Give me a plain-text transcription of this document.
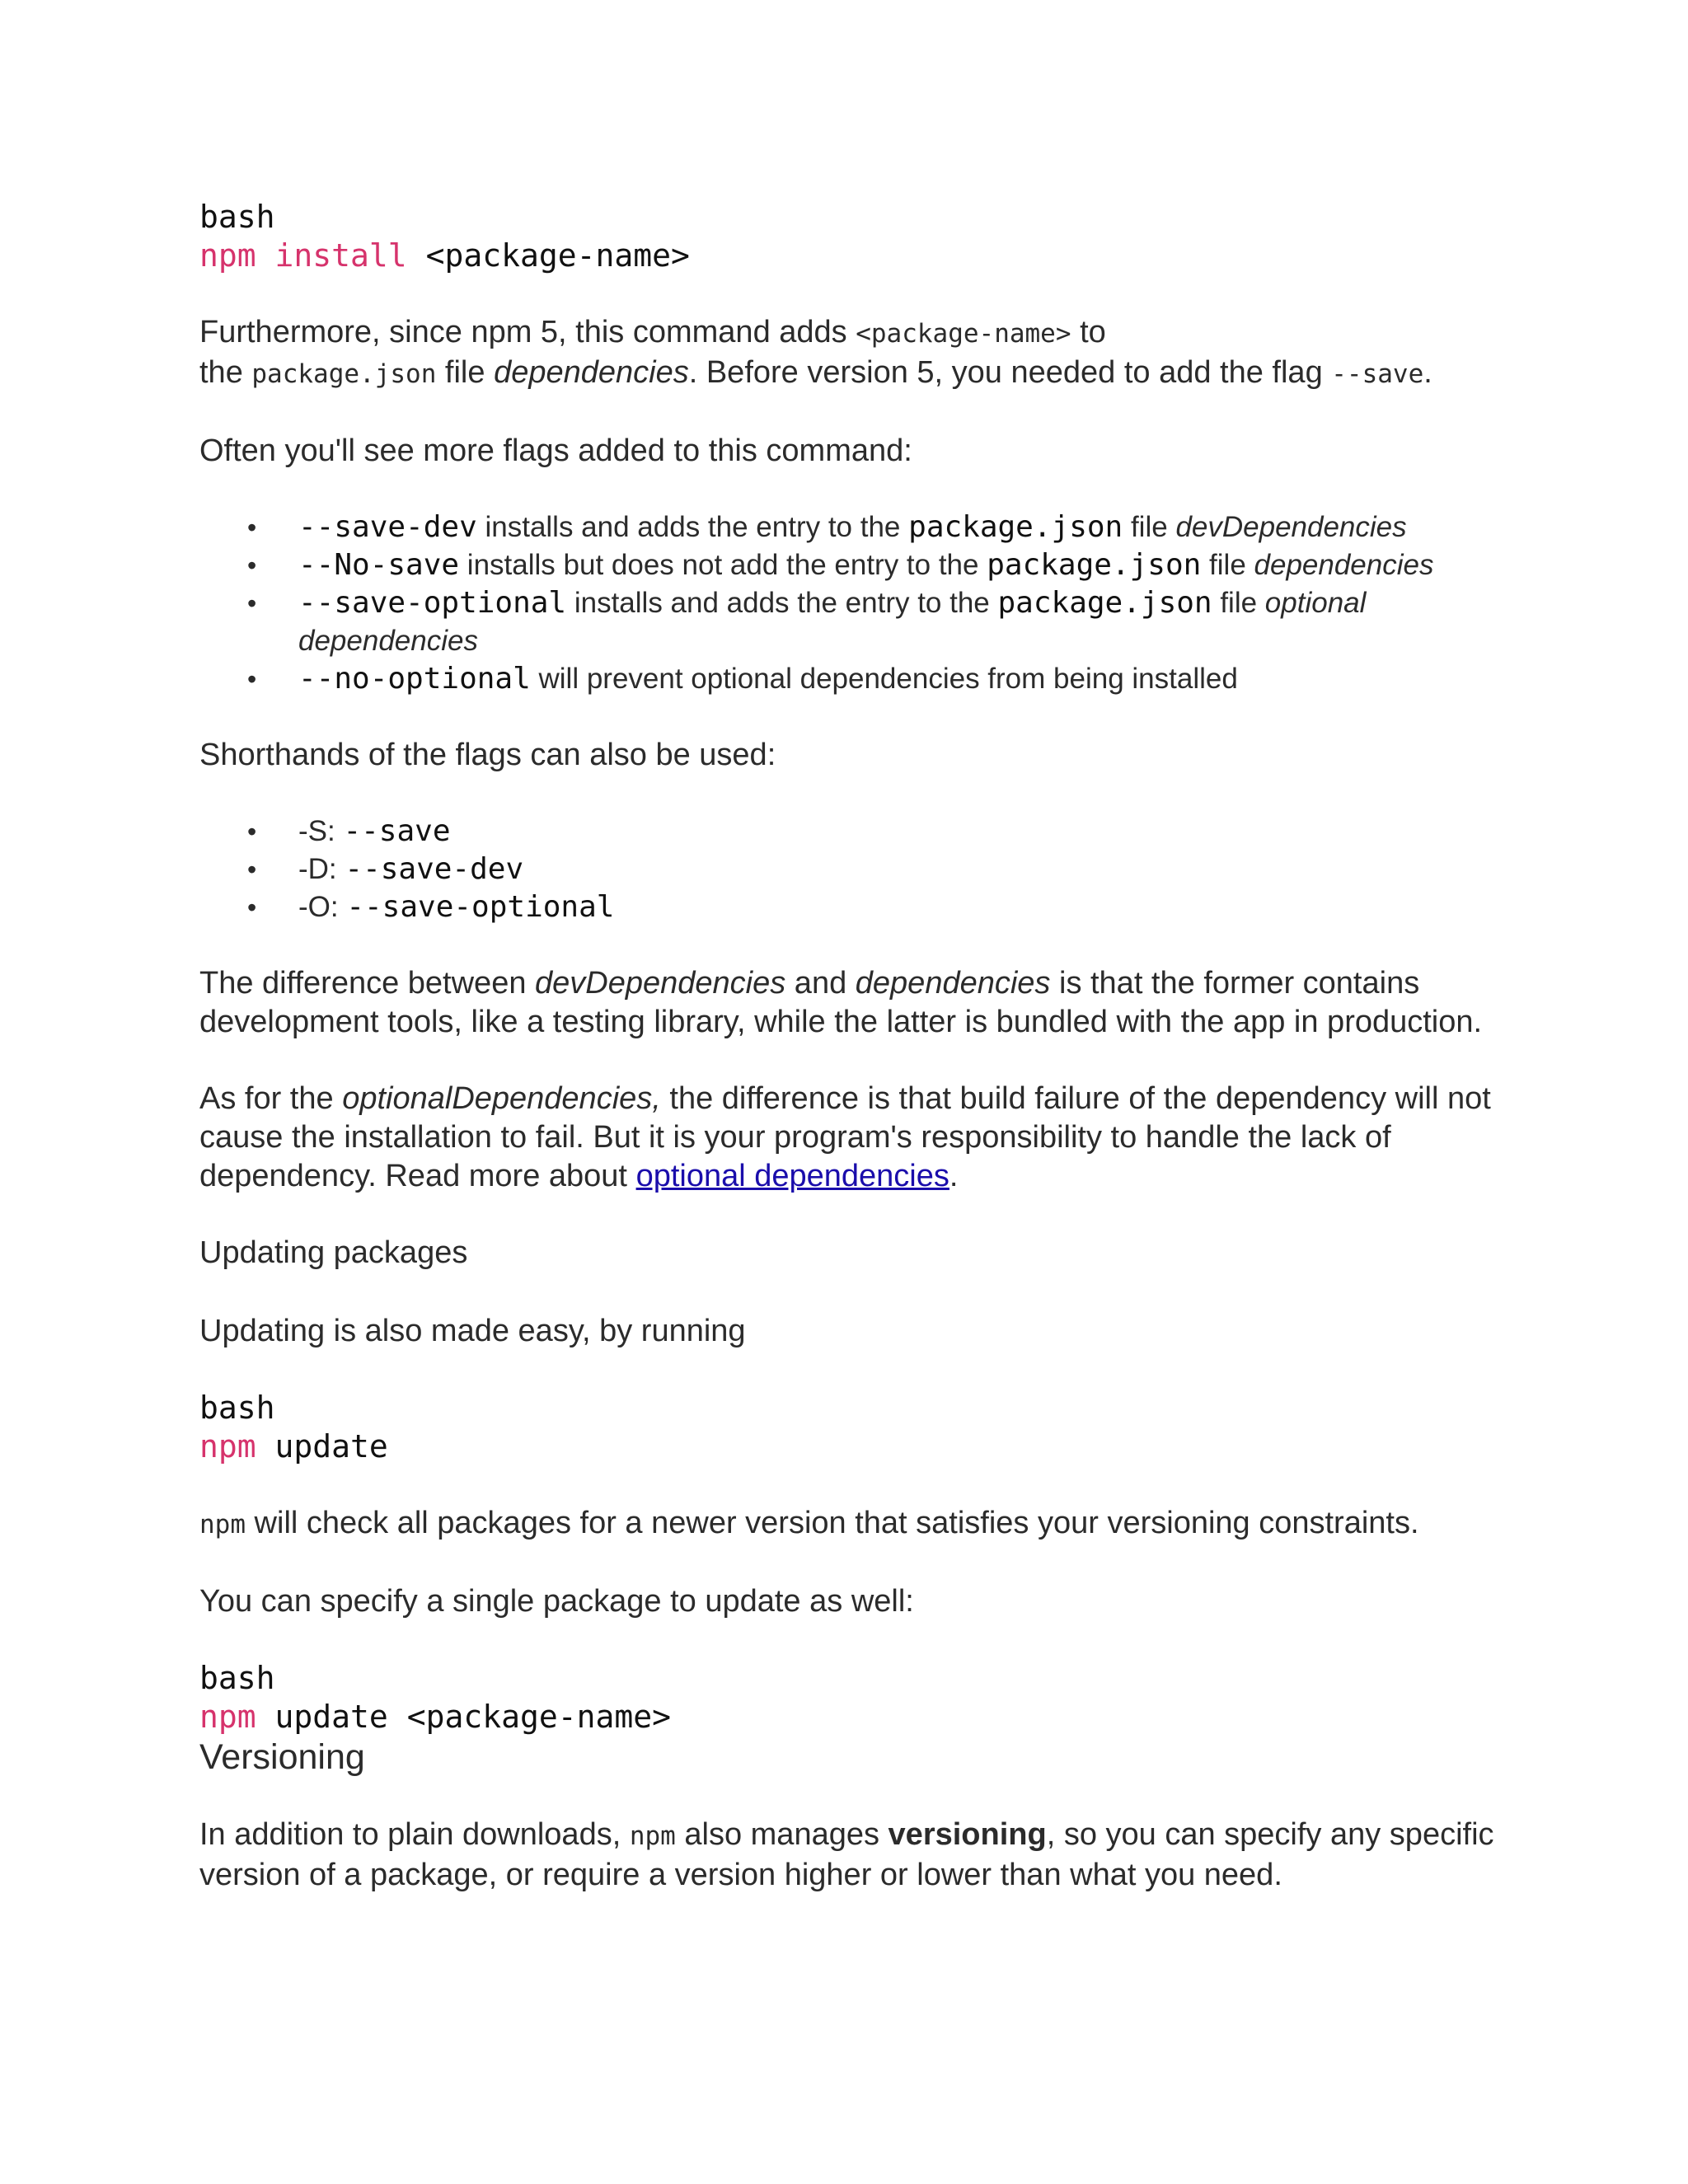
bash
npm install <package-name>

Furthermore, since npm 5, this command adds <package-name> to
the package.json file dependencies. Before version 5, you needed to add the flag --save.

Often you'll see more flags added to this command:

• --save-dev installs and adds the entry to the package.json file devDependencies
• --No-save installs but does not add the entry to the package.json file dependencies
• --save-optional installs and adds the entry to the package.json file optional dependencies
• --no-optional will prevent optional dependencies from being installed

Shorthands of the flags can also be used:

• -S: --save
• -D: --save-dev
• -O: --save-optional

The difference between devDependencies and dependencies is that the former contains development tools, like a testing library, while the latter is bundled with the app in production.

As for the optionalDependencies, the difference is that build failure of the dependency will not cause the installation to fail. But it is your program's responsibility to handle the lack of dependency. Read more about optional dependencies.

Updating packages

Updating is also made easy, by running

bash
npm update

npm will check all packages for a newer version that satisfies your versioning constraints.

You can specify a single package to update as well:

bash
npm update <package-name>
Versioning

In addition to plain downloads, npm also manages versioning, so you can specify any specific version of a package, or require a version higher or lower than what you need.
